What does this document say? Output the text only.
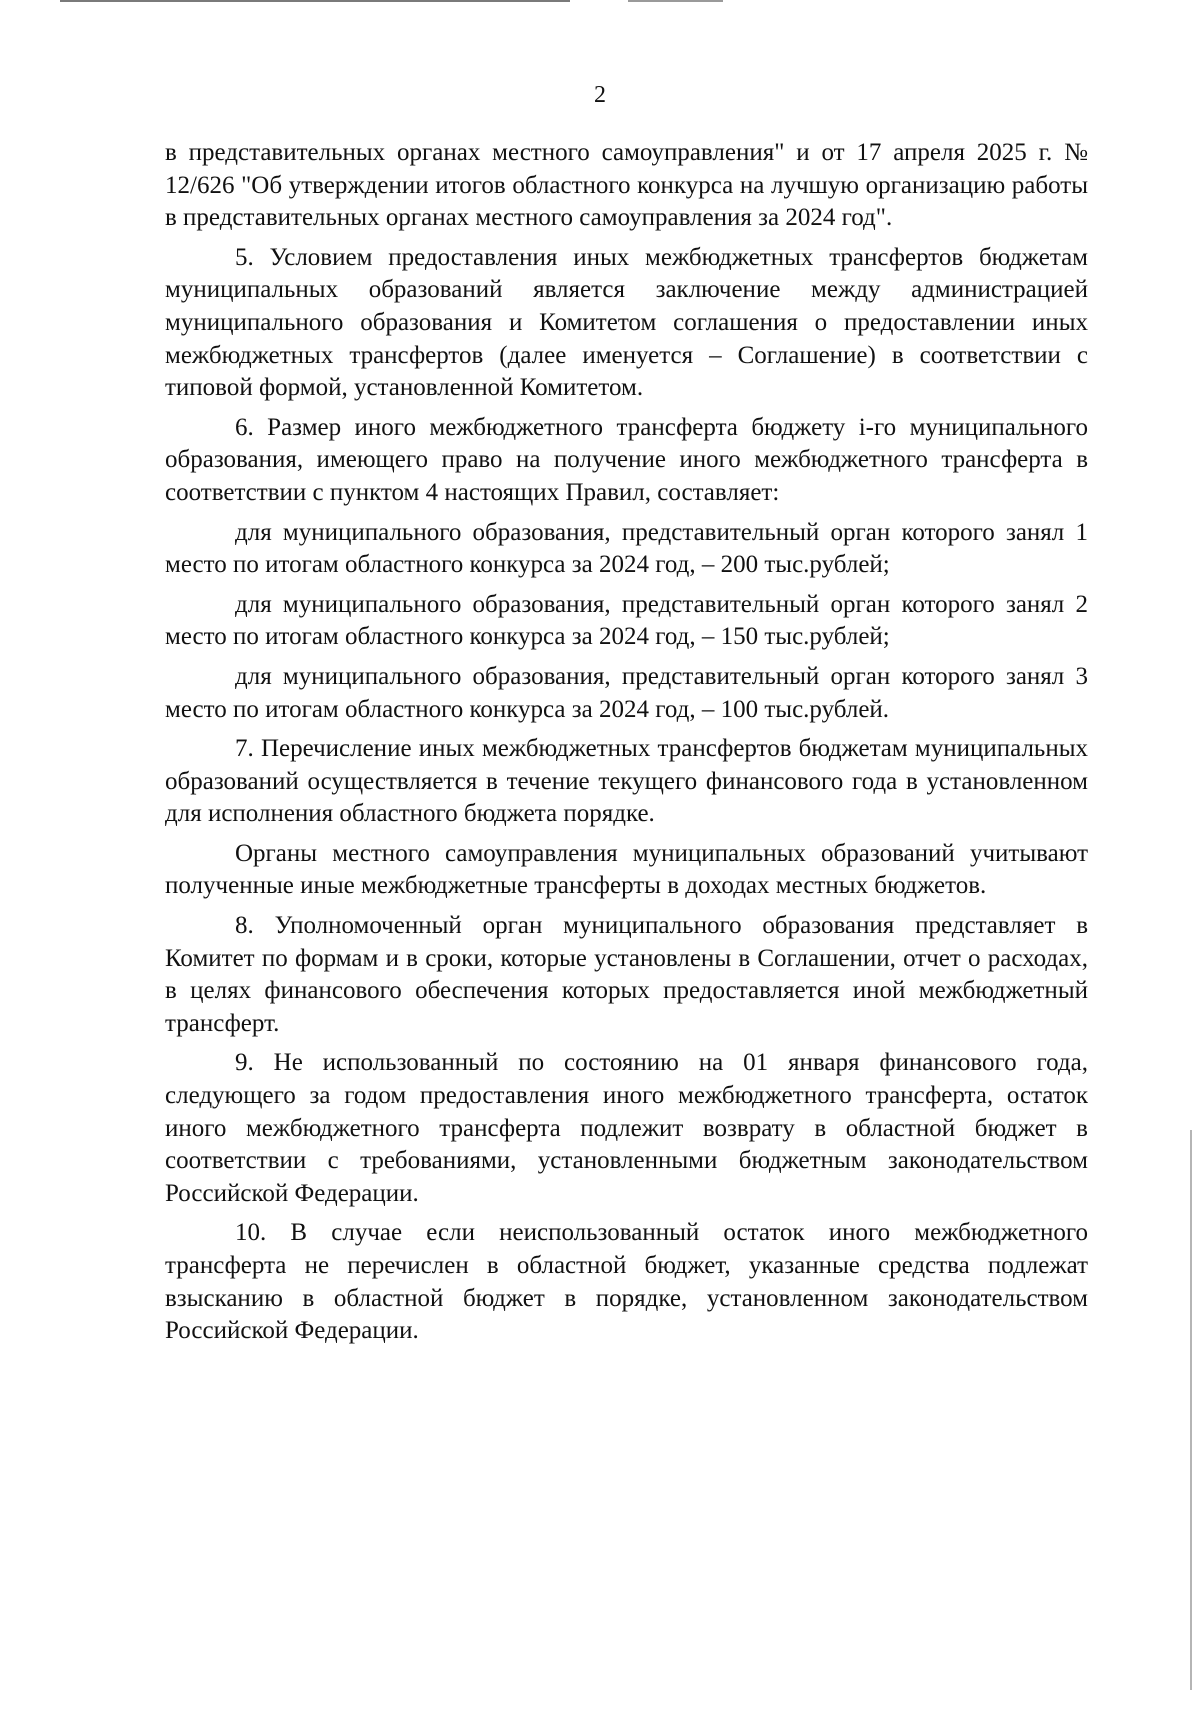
2

в представительных органах местного самоуправления" и от 17 апреля 2025 г. № 12/626 "Об утверждении итогов областного конкурса на лучшую организацию работы в представительных органах местного самоуправления за 2024 год".

5. Условием предоставления иных межбюджетных трансфертов бюджетам муниципальных образований является заключение между администрацией муниципального образования и Комитетом соглашения о предоставлении иных межбюджетных трансфертов (далее именуется – Соглашение) в соответствии с типовой формой, установленной Комитетом.

6. Размер иного межбюджетного трансферта бюджету i-го муниципального образования, имеющего право на получение иного межбюджетного трансферта в соответствии с пунктом 4 настоящих Правил, составляет:

для муниципального образования, представительный орган которого занял 1 место по итогам областного конкурса за 2024 год, – 200 тыс.рублей;

для муниципального образования, представительный орган которого занял 2 место по итогам областного конкурса за 2024 год, – 150 тыс.рублей;

для муниципального образования, представительный орган которого занял 3 место по итогам областного конкурса за 2024 год, – 100 тыс.рублей.

7. Перечисление иных межбюджетных трансфертов бюджетам муниципальных образований осуществляется в течение текущего финансового года в установленном для исполнения областного бюджета порядке.

Органы местного самоуправления муниципальных образований учитывают полученные иные межбюджетные трансферты в доходах местных бюджетов.

8. Уполномоченный орган муниципального образования представляет в Комитет по формам и в сроки, которые установлены в Соглашении, отчет о расходах, в целях финансового обеспечения которых предоставляется иной межбюджетный трансферт.

9. Не использованный по состоянию на 01 января финансового года, следующего за годом предоставления иного межбюджетного трансферта, остаток иного межбюджетного трансферта подлежит возврату в областной бюджет в соответствии с требованиями, установленными бюджетным законодательством Российской Федерации.

10. В случае если неиспользованный остаток иного межбюджетного трансферта не перечислен в областной бюджет, указанные средства подлежат взысканию в областной бюджет в порядке, установленном законодательством Российской Федерации.
